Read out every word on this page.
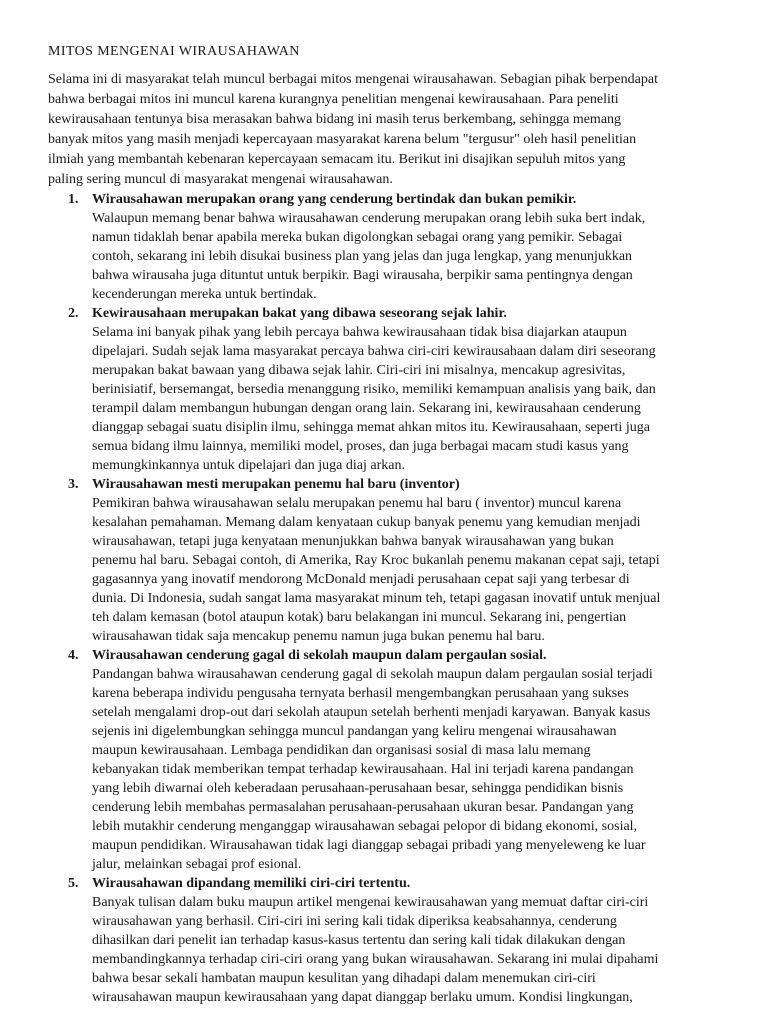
MITOS MENGENAI WIRAUSAHAWAN
Selama ini di masyarakat telah muncul berbagai mitos mengenai wirausahawan. Sebagian pihak berpendapat
bahwa berbagai mitos ini muncul karena kurangnya penelitian mengenai kewirausahaan. Para peneliti
kewirausahaan tentunya bisa merasakan bahwa bidang ini masih terus berkembang, sehingga memang
banyak mitos yang masih menjadi kepercayaan masyarakat karena belum "tergusur" oleh hasil penelitian
ilmiah yang membantah kebenaran kepercayaan semacam itu. Berikut ini disajikan sepuluh mitos yang
paling sering muncul di masyarakat mengenai wirausahawan.
1. Wirausahawan merupakan orang yang cenderung bertindak dan bukan pemikir.
Walaupun memang benar bahwa wirausahawan cenderung merupakan orang lebih suka bert indak,
namun tidaklah benar apabila mereka bukan digolongkan sebagai orang yang pemikir. Sebagai
contoh, sekarang ini lebih disukai business plan yang jelas dan juga lengkap, yang menunjukkan
bahwa wirausaha juga dituntut untuk berpikir. Bagi wirausaha, berpikir sama pentingnya dengan
kecenderungan mereka untuk bertindak.
2. Kewirausahaan merupakan bakat yang dibawa seseorang sejak lahir.
Selama ini banyak pihak yang lebih percaya bahwa kewirausahaan tidak bisa diajarkan ataupun
dipelajari. Sudah sejak lama masyarakat percaya bahwa ciri-ciri kewirausahaan dalam diri seseorang
merupakan bakat bawaan yang dibawa sejak lahir. Ciri-ciri ini misalnya, mencakup agresivitas,
berinisiatif, bersemangat, bersedia menanggung risiko, memiliki kemampuan analisis yang baik, dan
terampil dalam membangun hubungan dengan orang lain. Sekarang ini, kewirausahaan cenderung
dianggap sebagai suatu disiplin ilmu, sehingga memat ahkan mitos itu. Kewirausahaan, seperti juga
semua bidang ilmu lainnya, memiliki model, proses, dan juga berbagai macam studi kasus yang
memungkinkannya untuk dipelajari dan juga diaj arkan.
3. Wirausahawan mesti merupakan penemu hal baru (inventor)
Pemikiran bahwa wirausahawan selalu merupakan penemu hal baru ( inventor) muncul karena
kesalahan pemahaman. Memang dalam kenyataan cukup banyak penemu yang kemudian menjadi
wirausahawan, tetapi juga kenyataan menunjukkan bahwa banyak wirausahawan yang bukan
penemu hal baru. Sebagai contoh, di Amerika, Ray Kroc bukanlah penemu makanan cepat saji, tetapi
gagasannya yang inovatif mendorong McDonald menjadi perusahaan cepat saji yang terbesar di
dunia. Di Indonesia, sudah sangat lama masyarakat minum teh, tetapi gagasan inovatif untuk menjual
teh dalam kemasan (botol ataupun kotak) baru belakangan ini muncul. Sekarang ini, pengertian
wirausahawan tidak saja mencakup penemu namun juga bukan penemu hal baru.
4. Wirausahawan cenderung gagal di sekolah maupun dalam pergaulan sosial.
Pandangan bahwa wirausahawan cenderung gagal di sekolah maupun dalam pergaulan sosial terjadi
karena beberapa individu pengusaha ternyata berhasil mengembangkan perusahaan yang sukses
setelah mengalami drop-out dari sekolah ataupun setelah berhenti menjadi karyawan. Banyak kasus
sejenis ini digelembungkan sehingga muncul pandangan yang keliru mengenai wirausahawan
maupun kewirausahaan. Lembaga pendidikan dan organisasi sosial di masa lalu memang
kebanyakan tidak memberikan tempat terhadap kewirausahaan. Hal ini terjadi karena pandangan
yang lebih diwarnai oleh keberadaan perusahaan-perusahaan besar, sehingga pendidikan bisnis
cenderung lebih membahas permasalahan perusahaan-perusahaan ukuran besar. Pandangan yang
lebih mutakhir cenderung menganggap wirausahawan sebagai pelopor di bidang ekonomi, sosial,
maupun pendidikan. Wirausahawan tidak lagi dianggap sebagai pribadi yang menyeleweng ke luar
jalur, melainkan sebagai prof esional.
5. Wirausahawan dipandang memiliki ciri-ciri tertentu.
Banyak tulisan dalam buku maupun artikel mengenai kewirausahawan yang memuat daftar ciri-ciri
wirausahawan yang berhasil. Ciri-ciri ini sering kali tidak diperiksa keabsahannya, cenderung
dihasilkan dari penelit ian terhadap kasus-kasus tertentu dan sering kali tidak dilakukan dengan
membandingkannya terhadap ciri-ciri orang yang bukan wirausahawan. Sekarang ini mulai dipahami
bahwa besar sekali hambatan maupun kesulitan yang dihadapi dalam menemukan ciri-ciri
wirausahawan maupun kewirausahaan yang dapat dianggap berlaku umum. Kondisi lingkungan,
